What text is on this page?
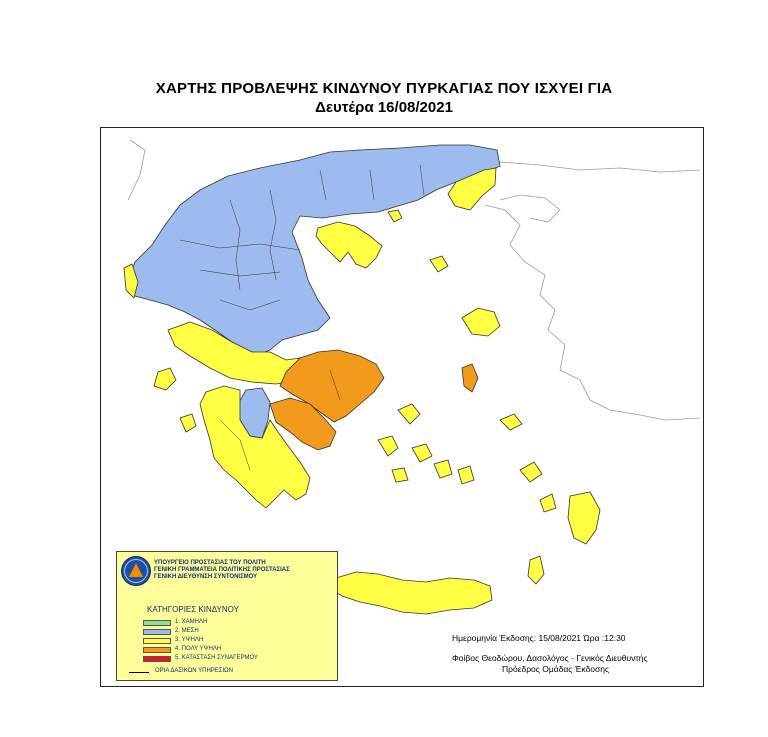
ΧΑΡΤΗΣ ΠΡΟΒΛΕΨΗΣ ΚΙΝΔΥΝΟΥ ΠΥΡΚΑΓΙΑΣ ΠΟΥ ΙΣΧΥΕΙ ΓΙΑ
Δευτέρα 16/08/2021
ΥΠΟΥΡΓΕΙΟ ΠΡΟΣΤΑΣΙΑΣ ΤΟΥ ΠΟΛΙΤΗ
ΓΕΝΙΚΗ ΓΡΑΜΜΑΤΕΙΑ ΠΟΛΙΤΙΚΗΣ ΠΡΟΣΤΑΣΙΑΣ
ΓΕΝΙΚΗ ΔΙΕΥΘΥΝΣΗ ΣΥΝΤΟΝΙΣΜΟΥ
ΚΑΤΗΓΟΡΙΕΣ ΚΙΝΔΥΝΟΥ
1. ΧΑΜΗΛΗ
2. ΜΕΣΗ
3. ΥΨΗΛΗ
4. ΠΟΛΥ ΥΨΗΛΗ
5. ΚΑΤΑΣΤΑΣΗ ΣΥΝΑΓΕΡΜΟΥ
ΟΡΙΑ ΔΑΣΙΚΩΝ ΥΠΗΡΕΣΙΩΝ
Ημερομηνία Έκδοσης: 15/08/2021 Ώρα :12:30
Φοίβος Θεοδώρου, Δασολόγος - Γενικός Διευθυντής
Πρόεδρος Ομάδας Έκδοσης
